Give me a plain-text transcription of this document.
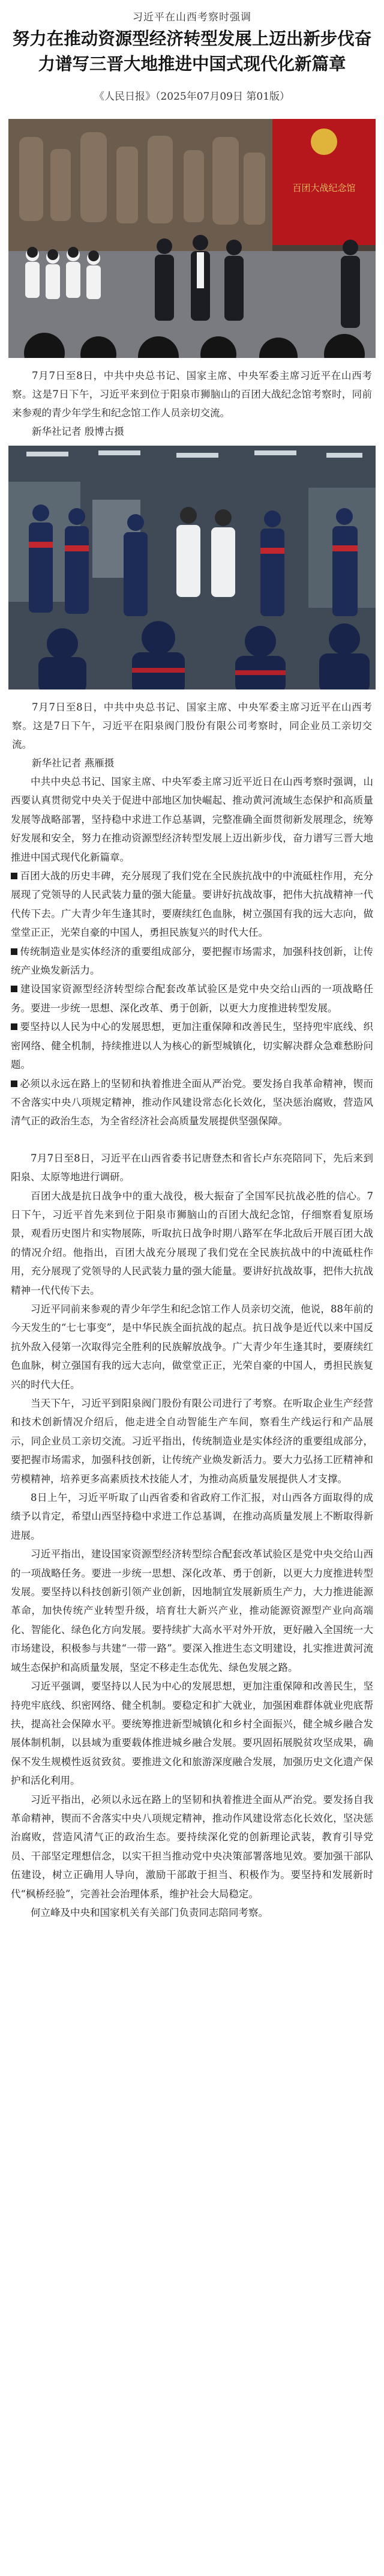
习近平在山西考察时强调
努力在推动资源型经济转型发展上迈出新步伐奋力谱写三晋大地推进中国式现代化新篇章
《人民日报》（2025年07月09日 第01版）
百团大战纪念馆
7月7日至8日，中共中央总书记、国家主席、中央军委主席习近平在山西考察。这是7日下午，习近平来到位于阳泉市狮脑山的百团大战纪念馆考察时，同前来参观的青少年学生和纪念馆工作人员亲切交流。
新华社记者 殷博古摄
7月7日至8日，中共中央总书记、国家主席、中央军委主席习近平在山西考察。这是7日下午，习近平在阳泉阀门股份有限公司考察时，同企业员工亲切交流。
新华社记者 燕雁摄
中共中央总书记、国家主席、中央军委主席习近平近日在山西考察时强调，山西要认真贯彻党中央关于促进中部地区加快崛起、推动黄河流域生态保护和高质量发展等战略部署，坚持稳中求进工作总基调，完整准确全面贯彻新发展理念，统筹好发展和安全，努力在推动资源型经济转型发展上迈出新步伐，奋力谱写三晋大地推进中国式现代化新篇章。
百团大战的历史丰碑，充分展现了我们党在全民族抗战中的中流砥柱作用，充分展现了党领导的人民武装力量的强大能量。要讲好抗战故事，把伟大抗战精神一代代传下去。广大青少年生逢其时，要赓续红色血脉，树立强国有我的远大志向，做堂堂正正，光荣自豪的中国人，勇担民族复兴的时代大任。
传统制造业是实体经济的重要组成部分，要把握市场需求，加强科技创新，让传统产业焕发新活力。
建设国家资源型经济转型综合配套改革试验区是党中央交给山西的一项战略任务。要进一步统一思想、深化改革、勇于创新，以更大力度推进转型发展。
要坚持以人民为中心的发展思想，更加注重保障和改善民生，坚持兜牢底线、织密网络、健全机制，持续推进以人为核心的新型城镇化，切实解决群众急难愁盼问题。
必须以永远在路上的坚韧和执着推进全面从严治党。要发扬自我革命精神，锲而不舍落实中央八项规定精神，推动作风建设常态化长效化，坚决惩治腐败，营造风清气正的政治生态，为全省经济社会高质量发展提供坚强保障。
7月7日至8日，习近平在山西省委书记唐登杰和省长卢东亮陪同下，先后来到阳泉、太原等地进行调研。
百团大战是抗日战争中的重大战役，极大振奋了全国军民抗战必胜的信心。7日下午，习近平首先来到位于阳泉市狮脑山的百团大战纪念馆，仔细察看复原场景，观看历史图片和实物展陈，听取抗日战争时期八路军在华北敌后开展百团大战的情况介绍。他指出，百团大战充分展现了我们党在全民族抗战中的中流砥柱作用，充分展现了党领导的人民武装力量的强大能量。要讲好抗战故事，把伟大抗战精神一代代传下去。
习近平同前来参观的青少年学生和纪念馆工作人员亲切交流，他说，88年前的今天发生的“七七事变”，是中华民族全面抗战的起点。抗日战争是近代以来中国反抗外敌入侵第一次取得完全胜利的民族解放战争。广大青少年生逢其时，要赓续红色血脉，树立强国有我的远大志向，做堂堂正正，光荣自豪的中国人，勇担民族复兴的时代大任。
当天下午，习近平到阳泉阀门股份有限公司进行了考察。在听取企业生产经营和技术创新情况介绍后，他走进全自动智能生产车间，察看生产线运行和产品展示，同企业员工亲切交流。习近平指出，传统制造业是实体经济的重要组成部分，要把握市场需求，加强科技创新，让传统产业焕发新活力。要大力弘扬工匠精神和劳模精神，培养更多高素质技术技能人才，为推动高质量发展提供人才支撑。
8日上午，习近平听取了山西省委和省政府工作汇报，对山西各方面取得的成绩予以肯定，希望山西坚持稳中求进工作总基调，在推动高质量发展上不断取得新进展。
习近平指出，建设国家资源型经济转型综合配套改革试验区是党中央交给山西的一项战略任务。要进一步统一思想、深化改革、勇于创新，以更大力度推进转型发展。要坚持以科技创新引领产业创新，因地制宜发展新质生产力，大力推进能源革命，加快传统产业转型升级，培育壮大新兴产业，推动能源资源型产业向高端化、智能化、绿色化方向发展。要持续扩大高水平对外开放，更好融入全国统一大市场建设，积极参与共建“一带一路”。要深入推进生态文明建设，扎实推进黄河流域生态保护和高质量发展，坚定不移走生态优先、绿色发展之路。
习近平强调，要坚持以人民为中心的发展思想，更加注重保障和改善民生，坚持兜牢底线、织密网络、健全机制。要稳定和扩大就业，加强困难群体就业兜底帮扶，提高社会保障水平。要统筹推进新型城镇化和乡村全面振兴，健全城乡融合发展体制机制，以县域为重要载体推进城乡融合发展。要巩固拓展脱贫攻坚成果，确保不发生规模性返贫致贫。要推进文化和旅游深度融合发展，加强历史文化遗产保护和活化利用。
习近平指出，必须以永远在路上的坚韧和执着推进全面从严治党。要发扬自我革命精神，锲而不舍落实中央八项规定精神，推动作风建设常态化长效化，坚决惩治腐败，营造风清气正的政治生态。要持续深化党的创新理论武装，教育引导党员、干部坚定理想信念，以实干担当推动党中央决策部署落地见效。要加强干部队伍建设，树立正确用人导向，激励干部敢于担当、积极作为。要坚持和发展新时代“枫桥经验”，完善社会治理体系，维护社会大局稳定。
何立峰及中央和国家机关有关部门负责同志陪同考察。
